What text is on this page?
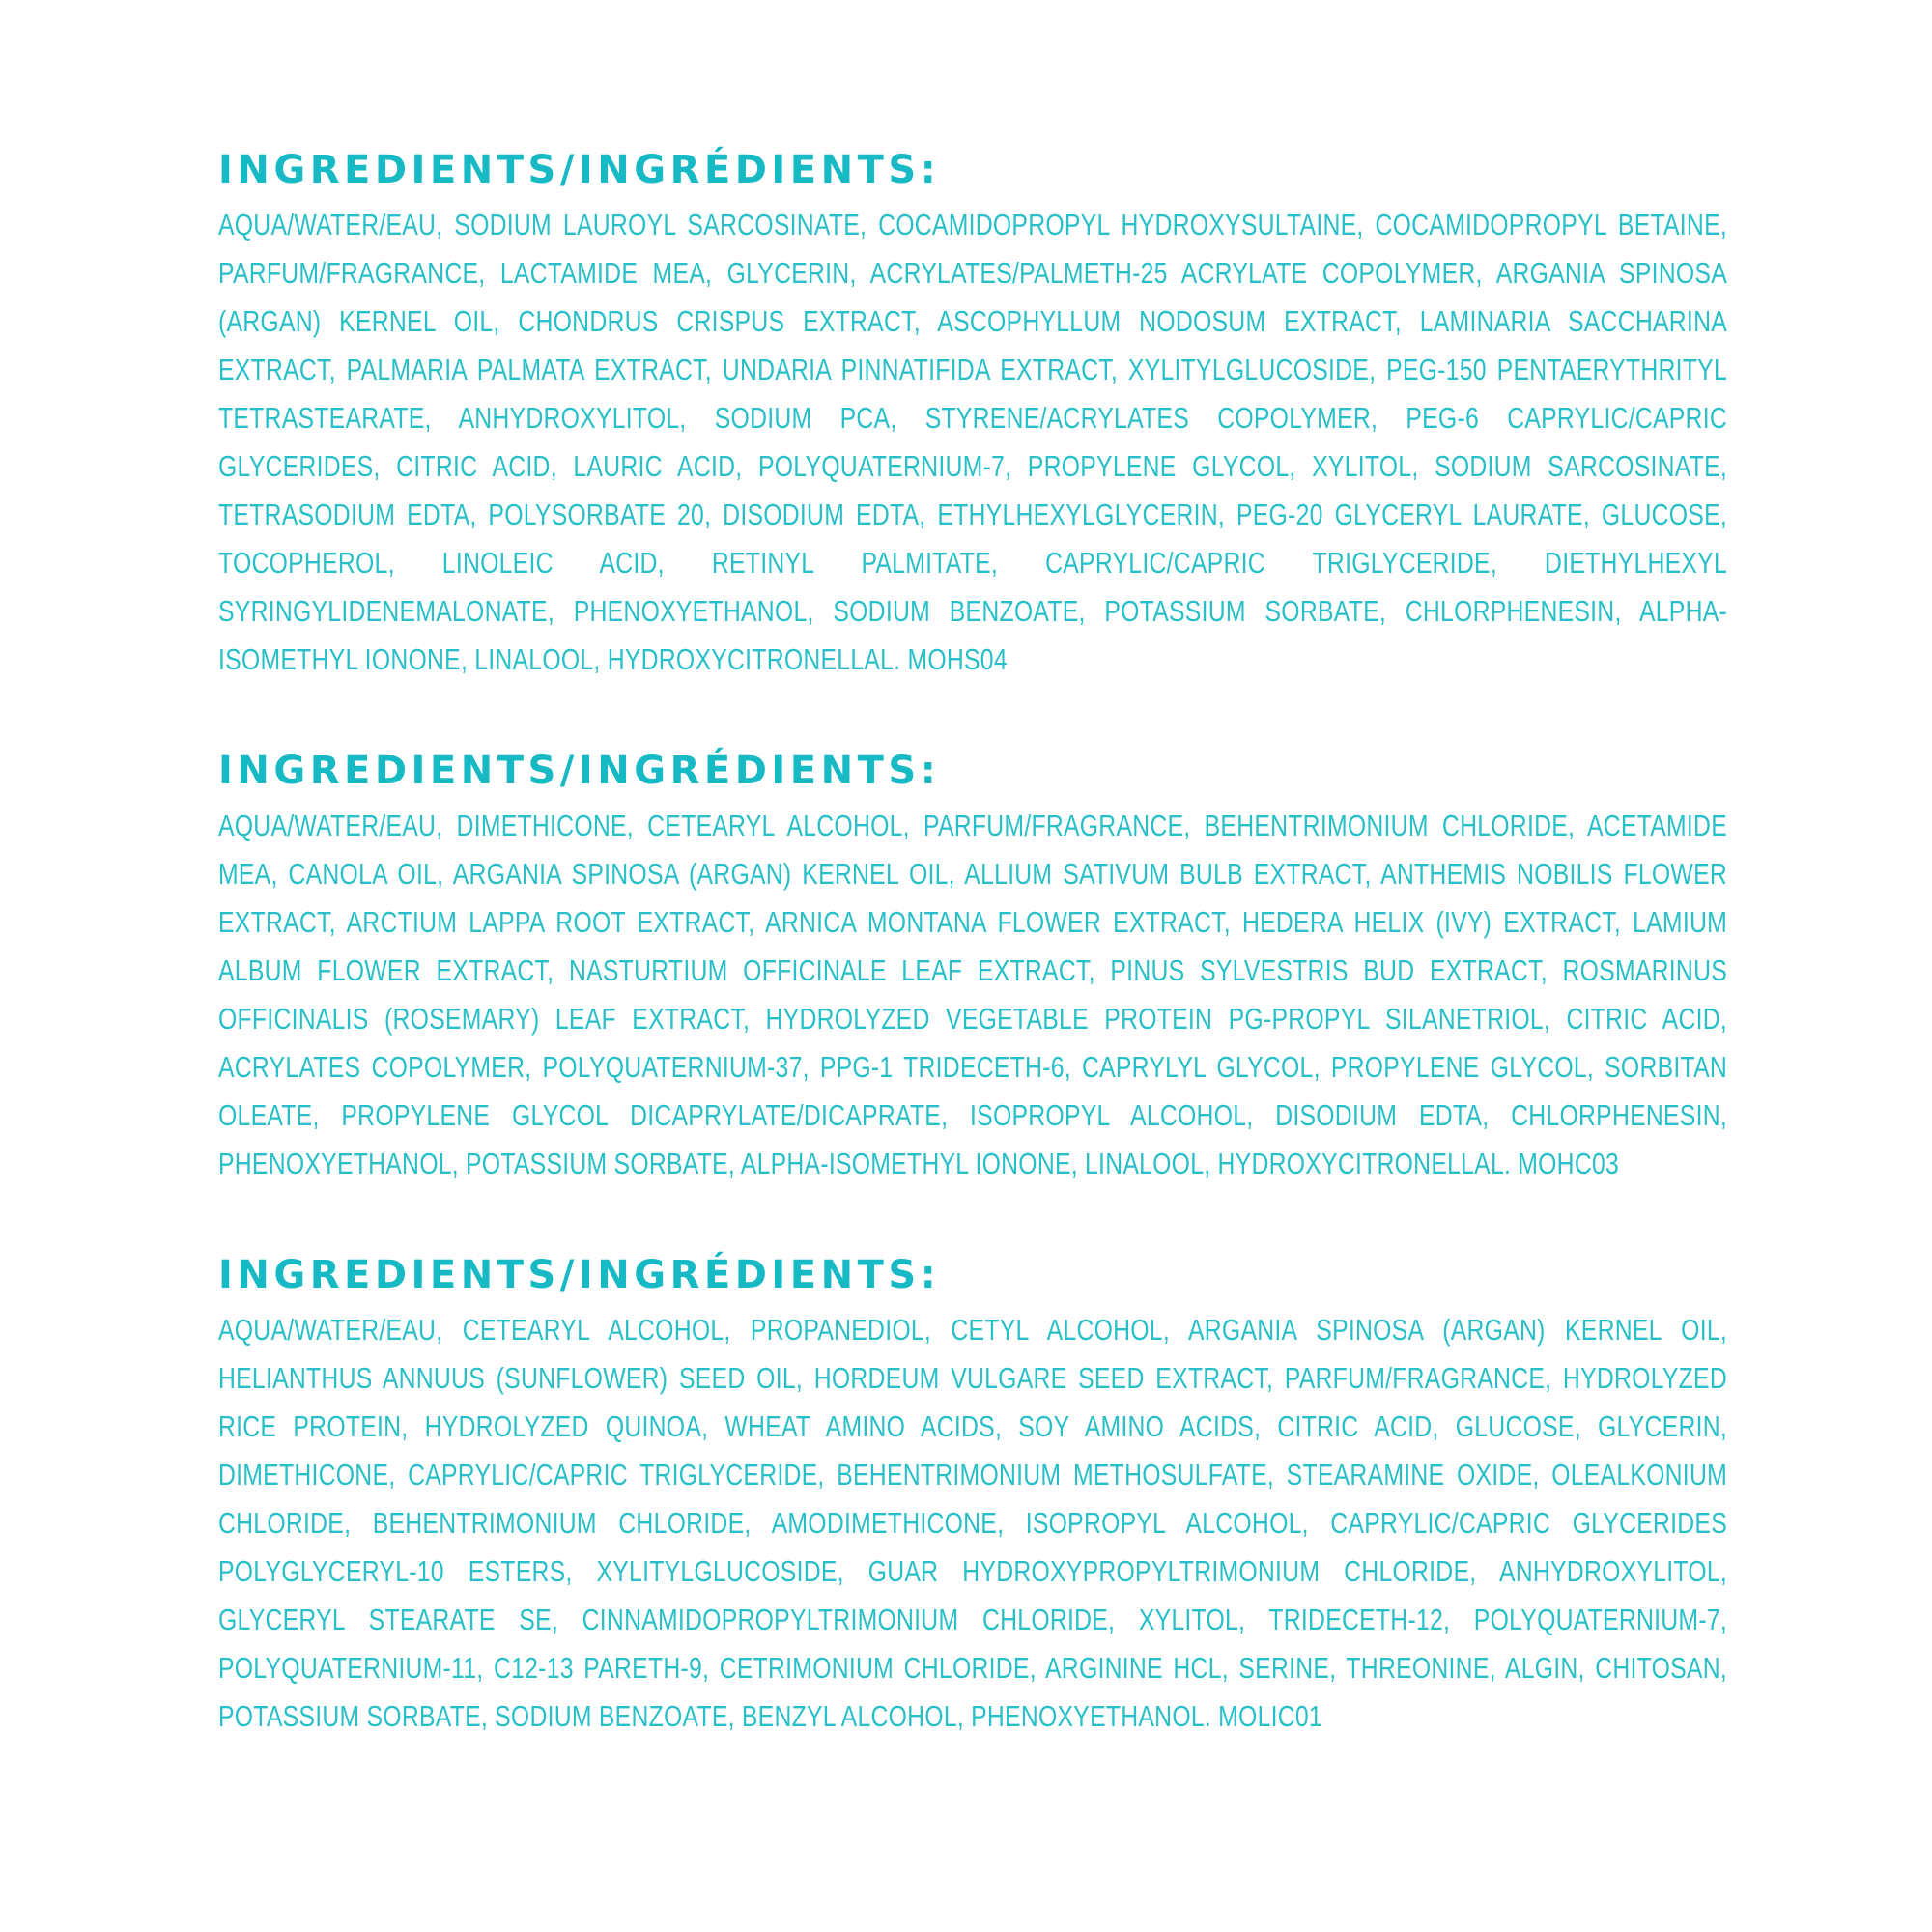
INGREDIENTS/INGRÉDIENTS:

AQUA/WATER/EAU, SODIUM LAUROYL SARCOSINATE, COCAMIDOPROPYL HYDROXYSULTAINE, COCAMIDOPROPYL BETAINE, PARFUM/FRAGRANCE, LACTAMIDE MEA, GLYCERIN, ACRYLATES/PALMETH-25 ACRYLATE COPOLYMER, ARGANIA SPINOSA (ARGAN) KERNEL OIL, CHONDRUS CRISPUS EXTRACT, ASCOPHYLLUM NODOSUM EXTRACT, LAMINARIA SACCHARINA EXTRACT, PALMARIA PALMATA EXTRACT, UNDARIA PINNATIFIDA EXTRACT, XYLITYLGLUCOSIDE, PEG-150 PENTAERYTHRITYL TETRASTEARATE, ANHYDROXYLITOL, SODIUM PCA, STYRENE/ACRYLATES COPOLYMER, PEG-6 CAPRYLIC/CAPRIC GLYCERIDES, CITRIC ACID, LAURIC ACID, POLYQUATERNIUM-7, PROPYLENE GLYCOL, XYLITOL, SODIUM SARCOSINATE, TETRASODIUM EDTA, POLYSORBATE 20, DISODIUM EDTA, ETHYLHEXYLGLYCERIN, PEG-20 GLYCERYL LAURATE, GLUCOSE, TOCOPHEROL, LINOLEIC ACID, RETINYL PALMITATE, CAPRYLIC/CAPRIC TRIGLYCERIDE, DIETHYLHEXYL SYRINGYLIDENEMALONATE, PHENOXYETHANOL, SODIUM BENZOATE, POTASSIUM SORBATE, CHLORPHENESIN, ALPHA-ISOMETHYL IONONE, LINALOOL, HYDROXYCITRONELLAL. MOHS04

INGREDIENTS/INGRÉDIENTS:

AQUA/WATER/EAU, DIMETHICONE, CETEARYL ALCOHOL, PARFUM/FRAGRANCE, BEHENTRIMONIUM CHLORIDE, ACETAMIDE MEA, CANOLA OIL, ARGANIA SPINOSA (ARGAN) KERNEL OIL, ALLIUM SATIVUM BULB EXTRACT, ANTHEMIS NOBILIS FLOWER EXTRACT, ARCTIUM LAPPA ROOT EXTRACT, ARNICA MONTANA FLOWER EXTRACT, HEDERA HELIX (IVY) EXTRACT, LAMIUM ALBUM FLOWER EXTRACT, NASTURTIUM OFFICINALE LEAF EXTRACT, PINUS SYLVESTRIS BUD EXTRACT, ROSMARINUS OFFICINALIS (ROSEMARY) LEAF EXTRACT, HYDROLYZED VEGETABLE PROTEIN PG-PROPYL SILANETRIOL, CITRIC ACID, ACRYLATES COPOLYMER, POLYQUATERNIUM-37, PPG-1 TRIDECETH-6, CAPRYLYL GLYCOL, PROPYLENE GLYCOL, SORBITAN OLEATE, PROPYLENE GLYCOL DICAPRYLATE/DICAPRATE, ISOPROPYL ALCOHOL, DISODIUM EDTA, CHLORPHENESIN, PHENOXYETHANOL, POTASSIUM SORBATE, ALPHA-ISOMETHYL IONONE, LINALOOL, HYDROXYCITRONELLAL. MOHC03

INGREDIENTS/INGRÉDIENTS:

AQUA/WATER/EAU, CETEARYL ALCOHOL, PROPANEDIOL, CETYL ALCOHOL, ARGANIA SPINOSA (ARGAN) KERNEL OIL, HELIANTHUS ANNUUS (SUNFLOWER) SEED OIL, HORDEUM VULGARE SEED EXTRACT, PARFUM/FRAGRANCE, HYDROLYZED RICE PROTEIN, HYDROLYZED QUINOA, WHEAT AMINO ACIDS, SOY AMINO ACIDS, CITRIC ACID, GLUCOSE, GLYCERIN, DIMETHICONE, CAPRYLIC/CAPRIC TRIGLYCERIDE, BEHENTRIMONIUM METHOSULFATE, STEARAMINE OXIDE, OLEALKONIUM CHLORIDE, BEHENTRIMONIUM CHLORIDE, AMODIMETHICONE, ISOPROPYL ALCOHOL, CAPRYLIC/CAPRIC GLYCERIDES POLYGLYCERYL-10 ESTERS, XYLITYLGLUCOSIDE, GUAR HYDROXYPROPYLTRIMONIUM CHLORIDE, ANHYDROXYLITOL, GLYCERYL STEARATE SE, CINNAMIDOPROPYLTRIMONIUM CHLORIDE, XYLITOL, TRIDECETH-12, POLYQUATERNIUM-7, POLYQUATERNIUM-11, C12-13 PARETH-9, CETRIMONIUM CHLORIDE, ARGININE HCL, SERINE, THREONINE, ALGIN, CHITOSAN, POTASSIUM SORBATE, SODIUM BENZOATE, BENZYL ALCOHOL, PHENOXYETHANOL. MOLIC01
